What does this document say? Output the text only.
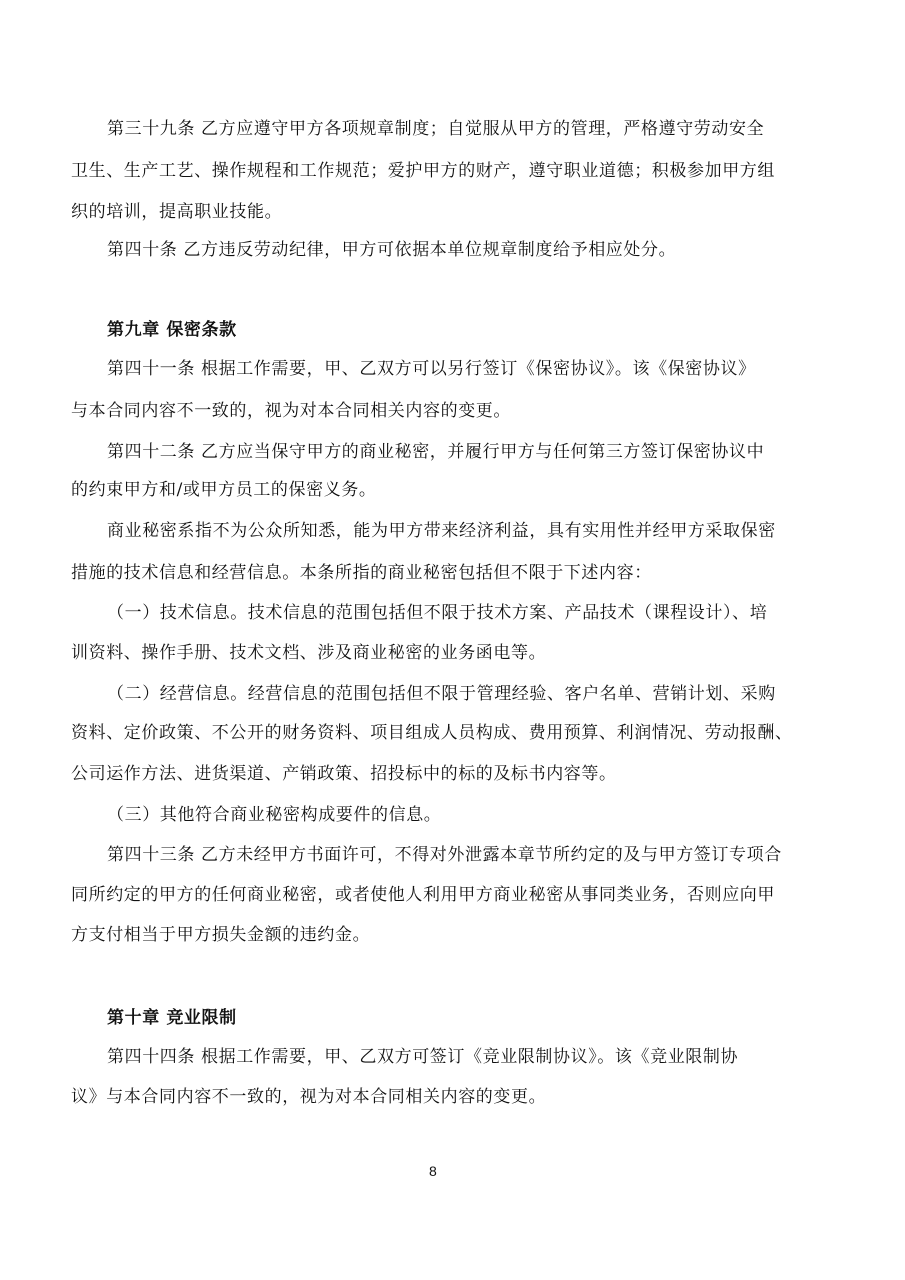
第三十九条 乙方应遵守甲方各项规章制度；自觉服从甲方的管理，严格遵守劳动安全
卫生、生产工艺、操作规程和工作规范；爱护甲方的财产，遵守职业道德；积极参加甲方组
织的培训，提高职业技能。
第四十条 乙方违反劳动纪律，甲方可依据本单位规章制度给予相应处分。
第九章 保密条款
第四十一条 根据工作需要，甲、乙双方可以另行签订《保密协议》。该《保密协议》
与本合同内容不一致的，视为对本合同相关内容的变更。
第四十二条 乙方应当保守甲方的商业秘密，并履行甲方与任何第三方签订保密协议中
的约束甲方和/或甲方员工的保密义务。
商业秘密系指不为公众所知悉，能为甲方带来经济利益，具有实用性并经甲方采取保密
措施的技术信息和经营信息。本条所指的商业秘密包括但不限于下述内容：
（一）技术信息。技术信息的范围包括但不限于技术方案、产品技术（课程设计）、培
训资料、操作手册、技术文档、涉及商业秘密的业务函电等。
（二）经营信息。经营信息的范围包括但不限于管理经验、客户名单、营销计划、采购
资料、定价政策、不公开的财务资料、项目组成人员构成、费用预算、利润情况、劳动报酬、
公司运作方法、进货渠道、产销政策、招投标中的标的及标书内容等。
（三）其他符合商业秘密构成要件的信息。
第四十三条 乙方未经甲方书面许可，不得对外泄露本章节所约定的及与甲方签订专项合
同所约定的甲方的任何商业秘密，或者使他人利用甲方商业秘密从事同类业务，否则应向甲
方支付相当于甲方损失金额的违约金。
第十章 竞业限制
第四十四条 根据工作需要，甲、乙双方可签订《竞业限制协议》。该《竞业限制协
议》与本合同内容不一致的，视为对本合同相关内容的变更。
8
